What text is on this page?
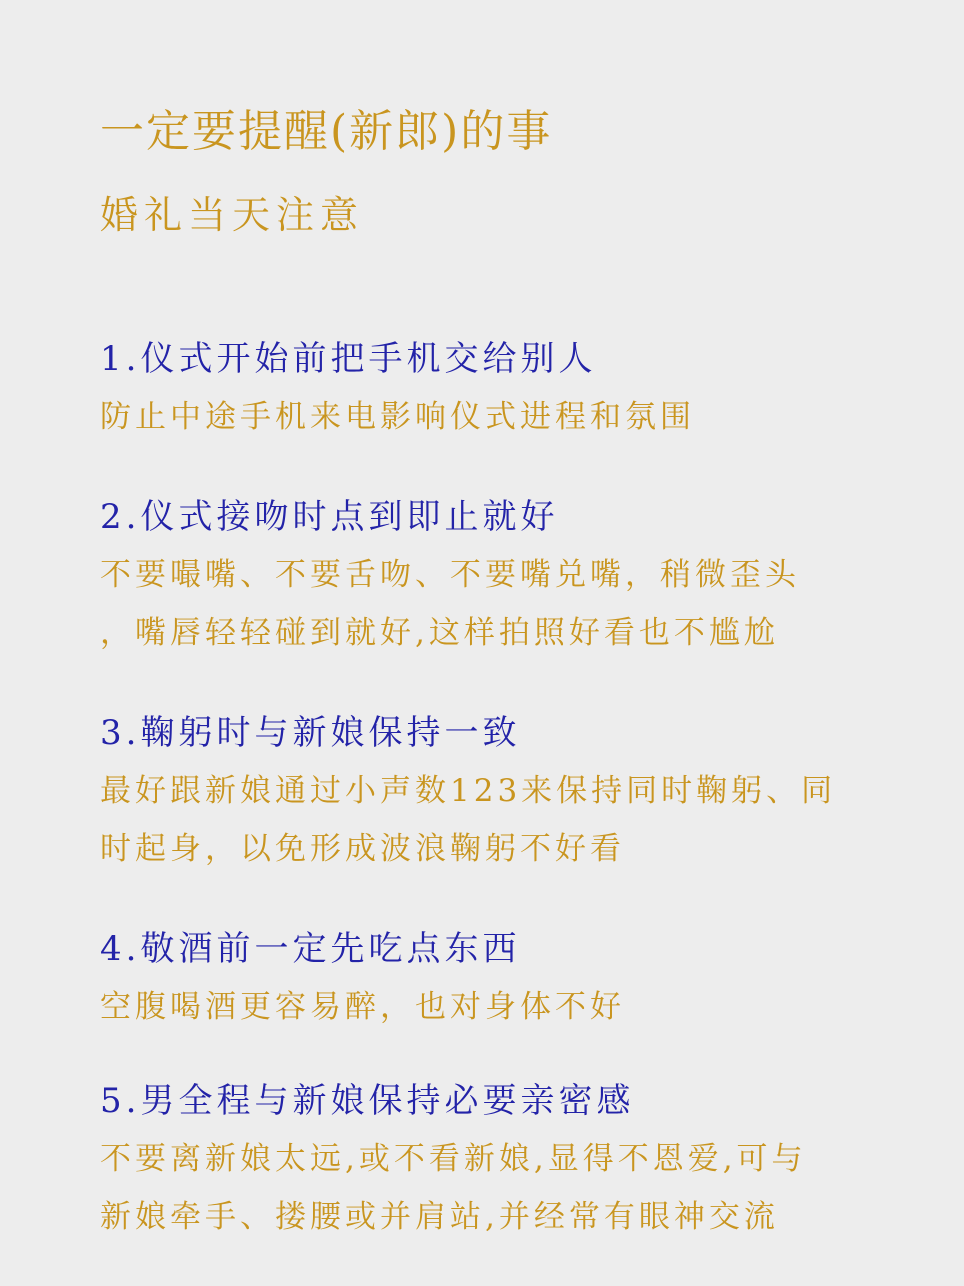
一定要提醒(新郎)的事
婚礼当天注意
1.仪式开始前把手机交给别人
防止中途手机来电影响仪式进程和氛围
2.仪式接吻时点到即止就好
不要嘬嘴、不要舌吻、不要嘴兑嘴，稍微歪头
，嘴唇轻轻碰到就好,这样拍照好看也不尴尬
3.鞠躬时与新娘保持一致
最好跟新娘通过小声数123来保持同时鞠躬、同
时起身，以免形成波浪鞠躬不好看
4.敬酒前一定先吃点东西
空腹喝酒更容易醉，也对身体不好
5.男全程与新娘保持必要亲密感
不要离新娘太远,或不看新娘,显得不恩爱,可与
新娘牵手、搂腰或并肩站,并经常有眼神交流
